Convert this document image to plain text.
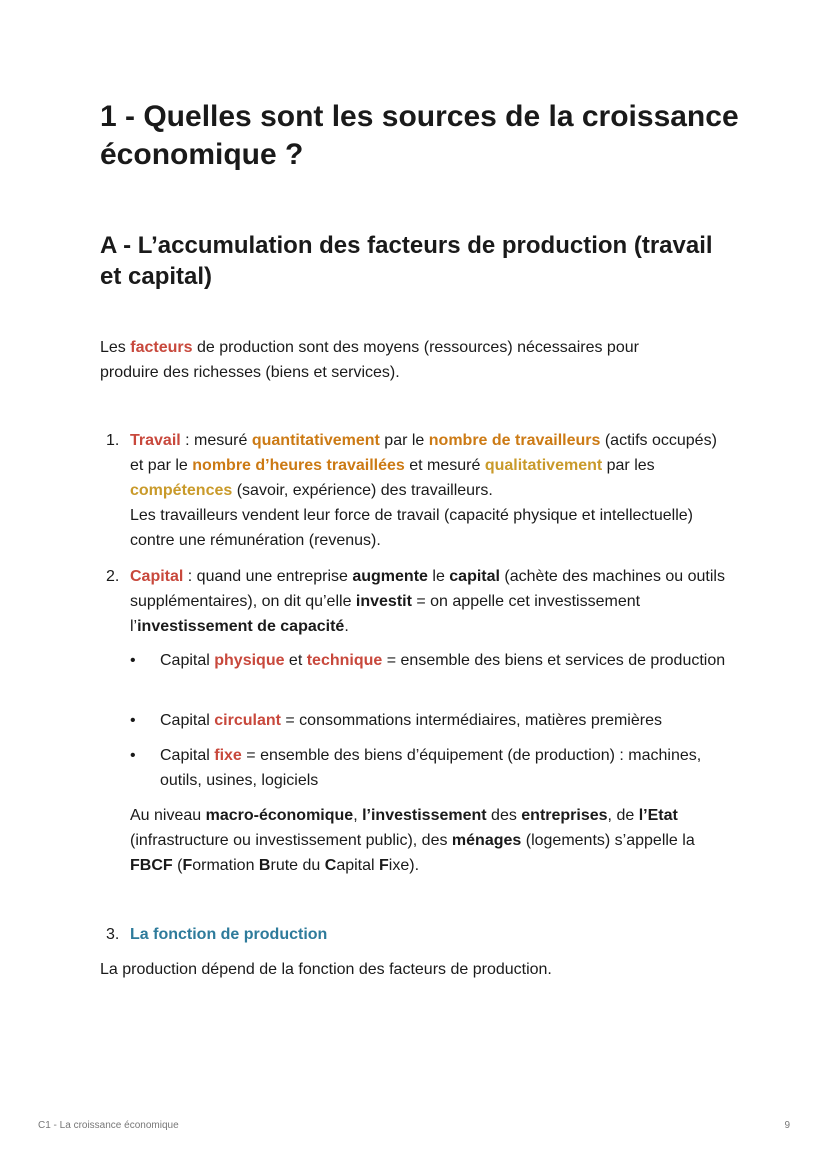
1 - Quelles sont les sources de la croissance économique ?
A - L’accumulation des facteurs de production (travail et capital)

Les facteurs de production sont des moyens (ressources) nécessaires pour produire des richesses (biens et services).

1. Travail : mesuré quantitativement par le nombre de travailleurs (actifs occupés) et par le nombre d’heures travaillées et mesuré qualitativement par les compétences (savoir, expérience) des travailleurs.

Les travailleurs vendent leur force de travail (capacité physique et intellectuelle) contre une rémunération (revenus).

2. Capital : quand une entreprise augmente le capital (achète des machines ou outils supplémentaires), on dit qu’elle investit = on appelle cet investissement l’investissement de capacité.

• Capital physique et technique = ensemble des biens et services de production

• Capital circulant = consommations intermédiaires, matières premières

• Capital fixe = ensemble des biens d’équipement (de production) : machines, outils, usines, logiciels

Au niveau macro-économique, l’investissement des entreprises, de l’Etat (infrastructure ou investissement public), des ménages (logements) s’appelle la FBCF (Formation Brute du Capital Fixe).

3. La fonction de production

La production dépend de la fonction des facteurs de production.

C1 - La croissance économique	9
